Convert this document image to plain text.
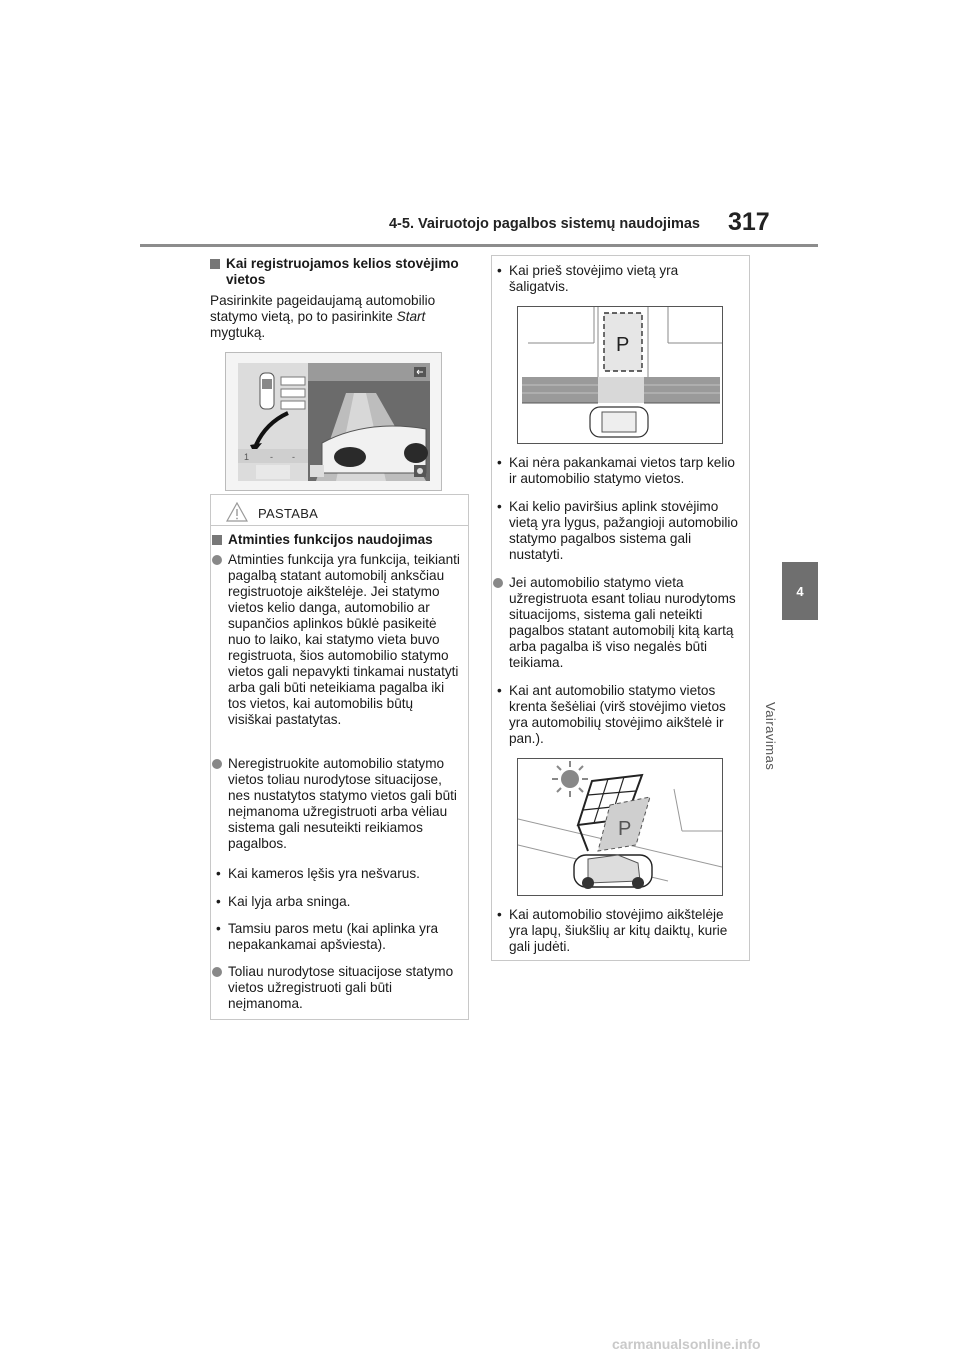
4-5. Vairuotojo pagalbos sistemų naudojimas 317
4
Vairavimas
Kai registruojamos kelios stovėjimo vietos
Pasirinkite pageidaujamą automobilio statymo vietą, po to pasirinkite Start mygtuką.
1 - -
PASTABA
Atminties funkcijos naudojimas
Atminties funkcija yra funkcija, teikianti pagalbą statant automobilį anksčiau registruotoje aikštelėje. Jei statymo vietos kelio danga, automobilio ar supančios aplinkos būklė pasikeitė nuo to laiko, kai statymo vieta buvo registruota, šios automobilio statymo vietos gali nepavykti tinkamai nustatyti arba gali būti neteikiama pagalba iki tos vietos, kai automobilis būtų visiškai pastatytas.
Neregistruokite automobilio statymo vietos toliau nurodytose situacijose, nes nustatytos statymo vietos gali būti neįmanoma užregistruoti arba vėliau sistema gali nesuteikti reikiamos pagalbos.
• Kai kameros lęšis yra nešvarus.
• Kai lyja arba sninga.
• Tamsiu paros metu (kai aplinka yra nepakankamai apšviesta).
Toliau nurodytose situacijose statymo vietos užregistruoti gali būti neįmanoma.
• Kai prieš stovėjimo vietą yra šaligatvis.
P
• Kai nėra pakankamai vietos tarp kelio ir automobilio statymo vietos.
• Kai kelio paviršius aplink stovėjimo vietą yra lygus, pažangioji automobilio statymo pagalbos sistema gali nustatyti.
Jei automobilio statymo vieta užregistruota esant toliau nurodytoms situacijoms, sistema gali neteikti pagalbos statant automobilį kitą kartą arba pagalba iš viso negalės būti teikiama.
• Kai ant automobilio statymo vietos krenta šešėliai (virš stovėjimo vietos yra automobilių stovėjimo aikštelė ir pan.).
P
• Kai automobilio stovėjimo aikštelėje yra lapų, šiukšlių ar kitų daiktų, kurie gali judėti.
carmanualsonline.info
